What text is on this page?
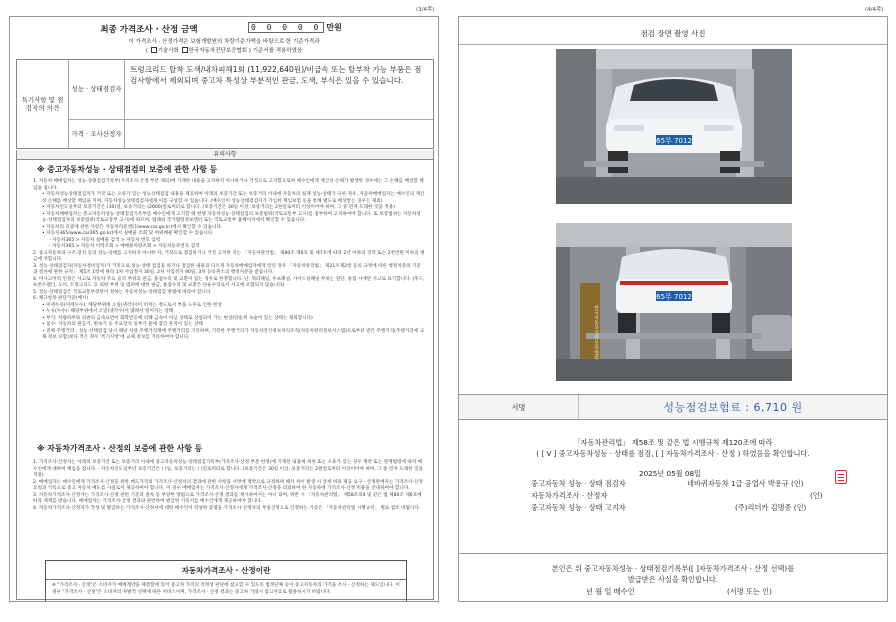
(3/4쪽)
최종 가격조사 · 산정 금액	0 0 0 0 0 만원
이 가격조사 · 산정가격은 보험개발원의 차량기준가액을 바탕으로 한 기준가격과
( 기술사회 한국자동차진단보증협회 ) 기준서를 적용하였음
특기사항 및 점검자의 의견
성능 · 상태점검자
트렁크리드 탈착 도색/내차피해1회 (11,922,640원)/비급속 또는 탈부착 가능 부품은 점검사항에서 제외되며 중고차 특성상 부분적인 판금, 도색, 부식은 있을 수 있습니다.
가격 · 조사산정자
유의사항
※ 중고자동차성능 · 상태점검의 보증에 관한 사항 등

1. 자동차 매매업자는 성능·상태점검기록부(가격조사·산정 부분 제외)에 기재한 내용을 고지하지 아니하거나 거짓으로 고지함으로써 매수인에게 재산상 손해가 발생한 경우에는 그 손해를 배상할 책임을 집니다.

• 자동차성능상태점검자가 거짓 또는 오류가 있는 성능상태점검 내용을 제공하여 아래의 보증기간 또는 보증거리 이내에 자동차의 실제 성능·상태가 다른 경우, 자동차매매업자는 매수인의 재산상 손해를 배상할 책임을 지며, 자동차성능상태점검자에게 이를 구상할 수 있습니다. (매수인이 성능상태점검자가 가입한 책임보험 등을 통해 별도로 배상받는 경우는 제외)

• 자동차인도일부터 보증기간은 (30)일, 보증거리는 (2000)킬로미터로 합니다. (보증기간은 30일 이상, 보증거리는 2천킬로미터 이상이어야 하며, 그 중 먼저 도래한 것을 적용)

• 자동차매매업자는 중고자동차성능·상태점검기록부를 매수인에게 고지할 때 현행 자동차성능·상태점검의 보증범위(국토교통부 고시)를 첨부하여 고지하여야 합니다. 또 보증범위는 자동차성능·상태점검자의 보증범위(국토교통부 고시)에 따르며, 범례와 국가법령정보센터 또는 국토교통부 홈페이지에서 확인할 수 있습니다.

• 자동차의 리콜에 관한 사항은 자동차리콜센터(www.car.go.kr)에서 확인할 수 있습니다.

• 자동차365(www.car365.go.kr)에서 실매물 조회 및 허위매물 확인할 수 있습니다.

- 자동차365 > 자동차 실매물 검색 > 자동차 번호 입력

- 자동차365 > 자동차 이력조회 > 매매용차량조회 > 자동차등록번호 검색

2. 중고자동차의 구조·장치 등의 성능·상태를 고지하지 아니한 자, 거짓으로 점검하거나 거짓 고지한 자는 「자동차관리법」 제80조 제6호 및 제7호에 따라 2년 이하의 징역 또는 2천만원 이하의 벌금에 처합니다.

3. 성능·상태점검자(자동차정비업자)가 거짓으로 성능·상태 점검을 하거나 점검한 내용과 다르게 자동차매매업자에게 알린 경우 「자동차관리법」 제21조제2항 등의 규정에 따른 행정처분의 기준과 절차에 관한 규칙」 제5조 1항에 따라 1차 사업정지 30일, 2차 사업정지 90일, 3차 등록취소의 행정처분을 받습니다.

4. 미사고이력 인정은 사고로 자동차 주요 골격 부위의 판금, 용접수리 및 교환이 있는 경우로 한정합니다. 단, 쿼터패널, 루프패널, 사이드실패널 부위는 절단, 용접 시에만 사고로 표기합니다. (후드, 프론트펜더, 도어, 트렁크리드 등 외판 부위 및 범퍼에 대한 판금, 용접수리 및 교환은 단순수리로서 사고에 포함되지 않습니다)

5. 성능·상태점검은 국토교통부장관이 정하는 자동차성능·상태점검 방법에 따라야 합니다.

6. 체크항목 판단기준(예시)

• 미세누유(미세누수): 해당부위에 오일(냉각수)이 비치는 정도로서 부품 노후로 인한 현상

• 누유(누수): 해당부위에서 오일(냉각수)이 맺혀서 떨어지는 상태

• 부식: 차량하부와 외판의 금속표면이 화학반응에 의해 금속이 아닌 상태로 상실되어 가는 현상(단순히 녹슬어 있는 상태는 제외합니다)

• 침수: 자동차의 원동기, 변속기 등 주요장치 일부가 물에 잠긴 흔적이 있는 상태

• 전체 주행거리 : 성능·상태점검 당시 해당 차량 주행거리계에 주행거리를 기록하며, 기록한 주행거리가 자동차전산정보처리조직(자동차관리정보시스템)으로부터 받은 주행거리(주행거리에 교체 정보 포함)보다 적은 경우 '특기사항'에 교체 정보를 기록하여야 합니다.

※ 자동차가격조사 · 산정의 보증에 관한 사항 등

1. 가격조사·산정자는 아래의 보증기간 또는 보증거리 이내에 중고자동차성능·상태점검기록부(가격조사·산정 부분 한정)에 기재된 내용에 허위 또는 오류가 있는 경우 계약 또는 관계법령에 따라 매수인에게 대하여 책임을 집니다. · 자동차인도일부터 보증기간은 ( )일, 보증거리는 ( )킬로미터로 합니다. (보증기간은 30일 이상, 보증거리는 2천킬로미터 이상이어야 하며, 그 중 먼저 도래한 것을 적용)

2. 매매업자는 매수인에게 가격조사·산정을 위한 매도가격의 가격조사·산정서의 결과에 관한 사항을 서면에 계약으로 규정하며 해석 차이 발생 시 상세 비용 제공 요구 · 산정판매자는 가격조사·산정 요청과 기록으로 중고 자동차 매도를 사실로서 제공하여야 합니다. 이 경우 매매업자는 가격조사·산정자에게 가격조사·산정을 의뢰하여 한 자동차에 가격조사·산정 비용을 안내하여야 합니다.

3. 자동차가격조사·산정자는 가격조사·산정 관련 기준과 절차 등 부당한 방법으로 가격조사·산정 결과를 제시하여서는 아니 되며, 위반 시 「자동차관리법」 제58조의4 및 같은 법 제80조 제6호에 따라 제재를 받습니다. 매매업자는 가격조사·산정 결과와 관련하여 발급한 기록서를 매수인에게 제공하여야 합니다.

4. 자동차가격조사·산정자가 작성 및 발급하는 가격조사·산정서에 대한 매수인이 작성한 증명을 가격조사·산정자의 부실산정으로 인정하는 기준은 「자동차관리법 시행규칙」 별표 참조 바랍니다.

자동차가격조사 · 산정이란
※ "가격조사 · 산정"은 소비자가 매매계약을 체결함에 있어 중고차 가격의 적정성 판단에 참고할 수 있도록 법정단체 등이 중고자동차의 가격을 조사 · 산정하는 제도입니다. 이 경우 "가격조사 · 산정"은 소비자의 자발적 선택에 따른 서비스이며, 가격조사 · 산정 결과는 중고차 거래시 참고자료로 활용하시기 바랍니다.
(4/4쪽)
점검 장면 촬영 사진
65무 7012
65무 7012
한국자동차진단보증협회
서명	성능점검보험료 : 6,710 원
「자동차관리법」 제58조 및 같은 법 시행규칙 제120조에 따라
( [ V ] 중고자동차성능 · 상태를 점검, [ ] 자동차가격조사 · 산정 ) 하였음을 확인합니다.
2025년 05월 08일
중고자동차 성능 · 상태 점검자	네바퀴자동차 1급 공업사 박용규 (인)
자동차가격조사 · 산정자	(인)
중고자동차 성능 · 상태 고지자	(주)리더카 김명종 (인)
본인은 위 중고자동차성능 · 상태점검기록부([ ]자동차가격조사 · 산정 선택)를
발급받은 사실을 확인합니다.
년 월 일 매수인	(서명 또는 인)
